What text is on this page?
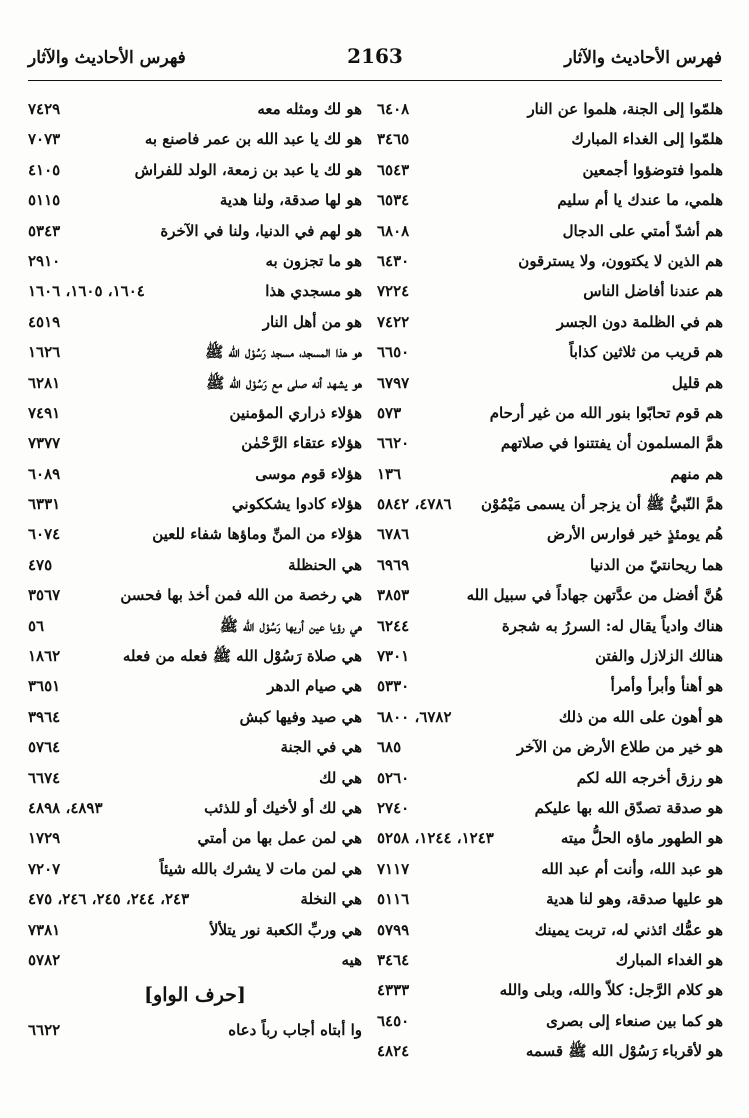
فهرس الأحاديث والآثار
2163
فهرس الأحاديث والآثار
هلمّوا إلى الجنة، هلموا عن النار
٦٤٠٨
هلمّوا إلى الغداء المبارك
٣٤٦٥
هلموا فتوضؤوا أجمعين
٦٥٤٣
هلمي، ما عندك يا أم سليم
٦٥٣٤
هم أشدّ أمتي على الدجال
٦٨٠٨
هم الذين لا يكتوون، ولا يسترقون
٦٤٣٠
هم عندنا أفاضل الناس
٧٢٢٤
هم في الظلمة دون الجسر
٧٤٢٢
هم قريب من ثلاثين كذاباً
٦٦٥٠
هم قليل
٦٧٩٧
هم قوم تحابّوا بنور الله من غير أرحام
٥٧٣
همَّ المسلمون أن يفتتنوا في صلاتهم
٦٦٢٠
هم منهم
١٣٦
همَّ النّبيُّ ﷺ أن يزجر أن يسمى مَيْمُوْن
٤٧٨٦، ٥٨٤٢
هُم يومئذٍ خير فوارس الأرض
٦٧٨٦
هما ريحانتيّ من الدنيا
٦٩٦٩
هُنَّ أفضل من عدَّتهن جهاداً في سبيل الله
٣٨٥٣
هناك وادياً يقال له: السررُ به شجرة
٦٢٤٤
هنالك الزلازل والفتن
٧٣٠١
هو أهنأ وأبرأ وأمرأ
٥٣٣٠
هو أهون على الله من ذلك
٦٧٨٢، ٦٨٠٠
هو خير من طلاع الأرض من الآخر
٦٨٥
هو رزق أخرجه الله لكم
٥٢٦٠
هو صدقة تصدّق الله بها عليكم
٢٧٤٠
هو الطهور ماؤه الحلُّ ميته
١٢٤٣، ١٢٤٤، ٥٢٥٨
هو عبد الله، وأنت أم عبد الله
٧١١٧
هو عليها صدقة، وهو لنا هدية
٥١١٦
هو عمُّك ائذني له، تربت يمينك
٥٧٩٩
هو الغداء المبارك
٣٤٦٤
هو كلام الرَّجل: كلاّ والله، وبلى والله
٤٣٣٣
هو كما بين صنعاء إلى بصرى
٦٤٥٠
هو لأقرباء رَسُوْل الله ﷺ قسمه
٤٨٢٤
هو لك ومثله معه
٧٤٢٩
هو لك يا عبد الله بن عمر فاصنع به
٧٠٧٣
هو لك يا عبد بن زمعة، الولد للفراش
٤١٠٥
هو لها صدقة، ولنا هدية
٥١١٥
هو لهم في الدنيا، ولنا في الآخرة
٥٣٤٣
هو ما تجزون به
٢٩١٠
هو مسجدي هذا
١٦٠٤، ١٦٠٥، ١٦٠٦
هو من أهل النار
٤٥١٩
هو هذا المسجد، مسجد رَسُوْل الله ﷺ
١٦٢٦
هو يشهد أنه صلى مع رَسُوْل الله ﷺ
٦٢٨١
هؤلاء ذراري المؤمنين
٧٤٩١
هؤلاء عتقاء الرَّحْمٰن
٧٣٧٧
هؤلاء قوم موسى
٦٠٨٩
هؤلاء كادوا يشككوني
٦٣٣١
هؤلاء من المنِّ وماؤها شفاء للعين
٦٠٧٤
هي الحنظلة
٤٧٥
هي رخصة من الله فمن أخذ بها فحسن
٣٥٦٧
هي رؤيا عين أريها رَسُوْل الله ﷺ
٥٦
هي صلاة رَسُوْل الله ﷺ فعله من فعله
١٨٦٢
هي صيام الدهر
٣٦٥١
هي صيد وفيها كبش
٣٩٦٤
هي في الجنة
٥٧٦٤
هي لك
٦٦٧٤
هي لك أو لأخيك أو للذئب
٤٨٩٣، ٤٨٩٨
هي لمن عمل بها من أمتي
١٧٢٩
هي لمن مات لا يشرك بالله شيئاً
٧٢٠٧
هي النخلة
٢٤٣، ٢٤٤، ٢٤٥، ٢٤٦، ٤٧٥
هي وربِّ الكعبة نور يتلألأ
٧٣٨١
هيه
٥٧٨٢
[حرف الواو]
وا أبتاه أجاب رباً دعاه
٦٦٢٢
